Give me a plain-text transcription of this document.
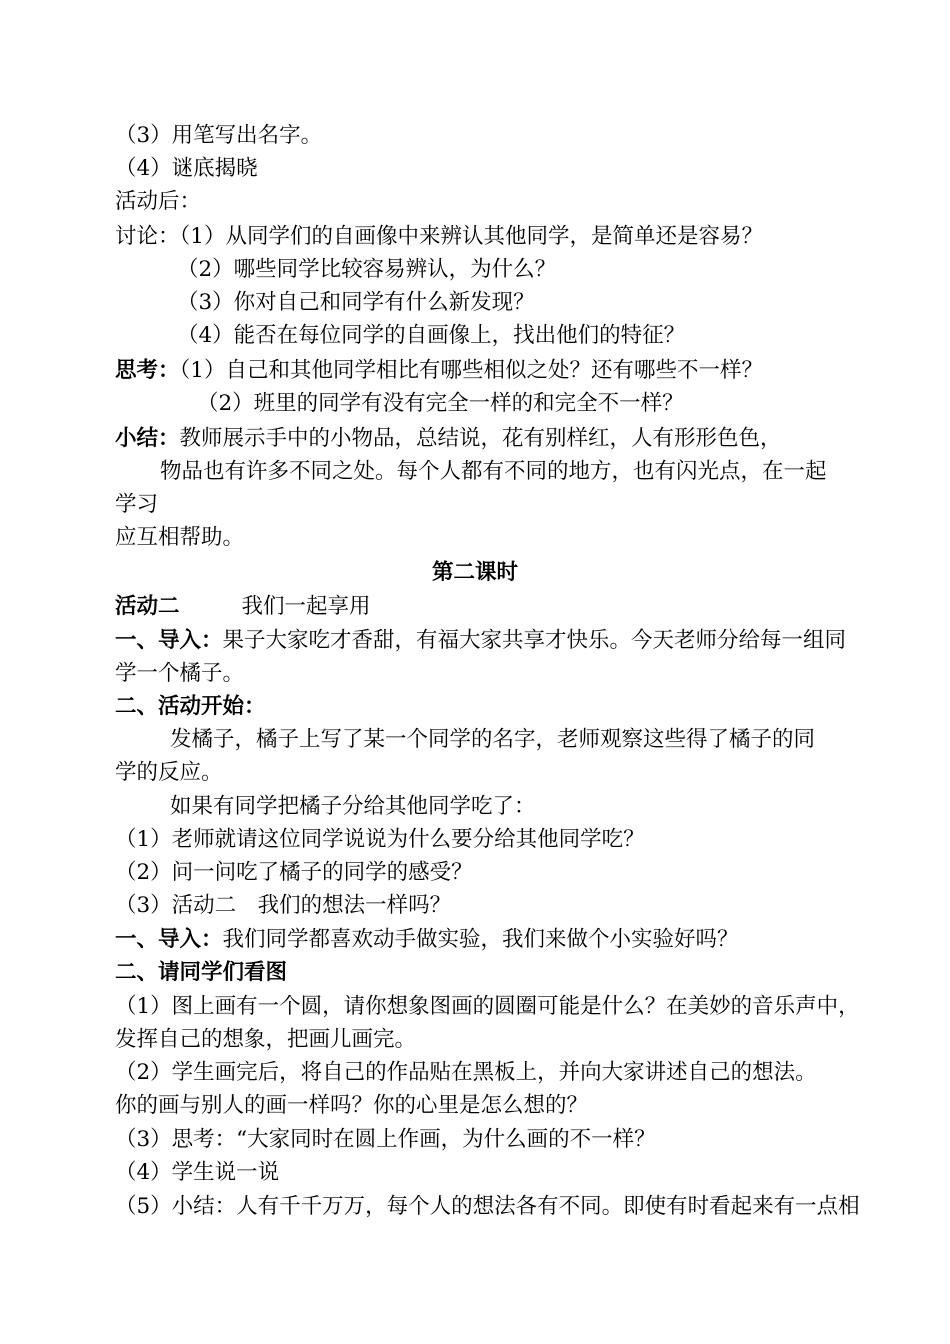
（3）用笔写出名字。
（4）谜底揭晓
活动后：
讨论：（1）从同学们的自画像中来辨认其他同学，是简单还是容易？
（2）哪些同学比较容易辨认，为什么？
（3）你对自己和同学有什么新发现？
（4）能否在每位同学的自画像上，找出他们的特征？
思考：（1）自己和其他同学相比有哪些相似之处？还有哪些不一样？
（2）班里的同学有没有完全一样的和完全不一样？
小结：教师展示手中的小物品，总结说，花有别样红，人有形形色色，
物品也有许多不同之处。每个人都有不同的地方，也有闪光点，在一起
学习
应互相帮助。
第二课时
活动二	我们一起享用
一、导入：果子大家吃才香甜，有福大家共享才快乐。今天老师分给每一组同
学一个橘子。
二、活动开始：
发橘子，橘子上写了某一个同学的名字，老师观察这些得了橘子的同
学的反应。
如果有同学把橘子分给其他同学吃了：
（1）老师就请这位同学说说为什么要分给其他同学吃？
（2）问一问吃了橘子的同学的感受？
（3）活动二　我们的想法一样吗？
一、导入：我们同学都喜欢动手做实验，我们来做个小实验好吗？
二、请同学们看图
（1）图上画有一个圆，请你想象图画的圆圈可能是什么？在美妙的音乐声中，
发挥自己的想象，把画儿画完。
（2）学生画完后，将自己的作品贴在黑板上，并向大家讲述自己的想法。
你的画与别人的画一样吗？你的心里是怎么想的？
（3）思考：“大家同时在圆上作画，为什么画的不一样？
（4）学生说一说
（5）小结：人有千千万万，每个人的想法各有不同。即使有时看起来有一点相
